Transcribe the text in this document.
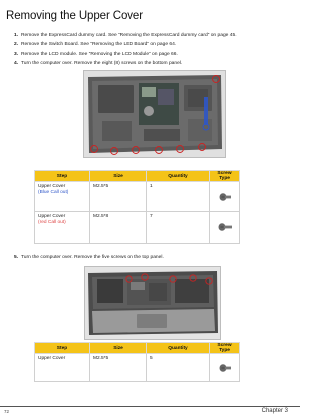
Removing the Upper Cover
1. Remove the ExpressCard dummy card. See “Removing the ExpressCard dummy card” on page 45.
2. Remove the Switch Board. See “Removing the LED Board” on page 64.
3. Remove the LCD module. See “Removing the LCD Module” on page 66.
4. Turn the computer over. Remove the eight (8) screws on the bottom panel.
Step	Size	Quantity	Screw Type
Upper Cover
(Blue Call out)	M2.5*5	1	

Upper Cover
(red Call out)	M2.5*8	7	
5. Turn the computer over. Remove the five screws on the top panel.
Step	Size	Quantity	Screw Type
Upper Cover	M2.5*5	5	
72	Chapter 3
